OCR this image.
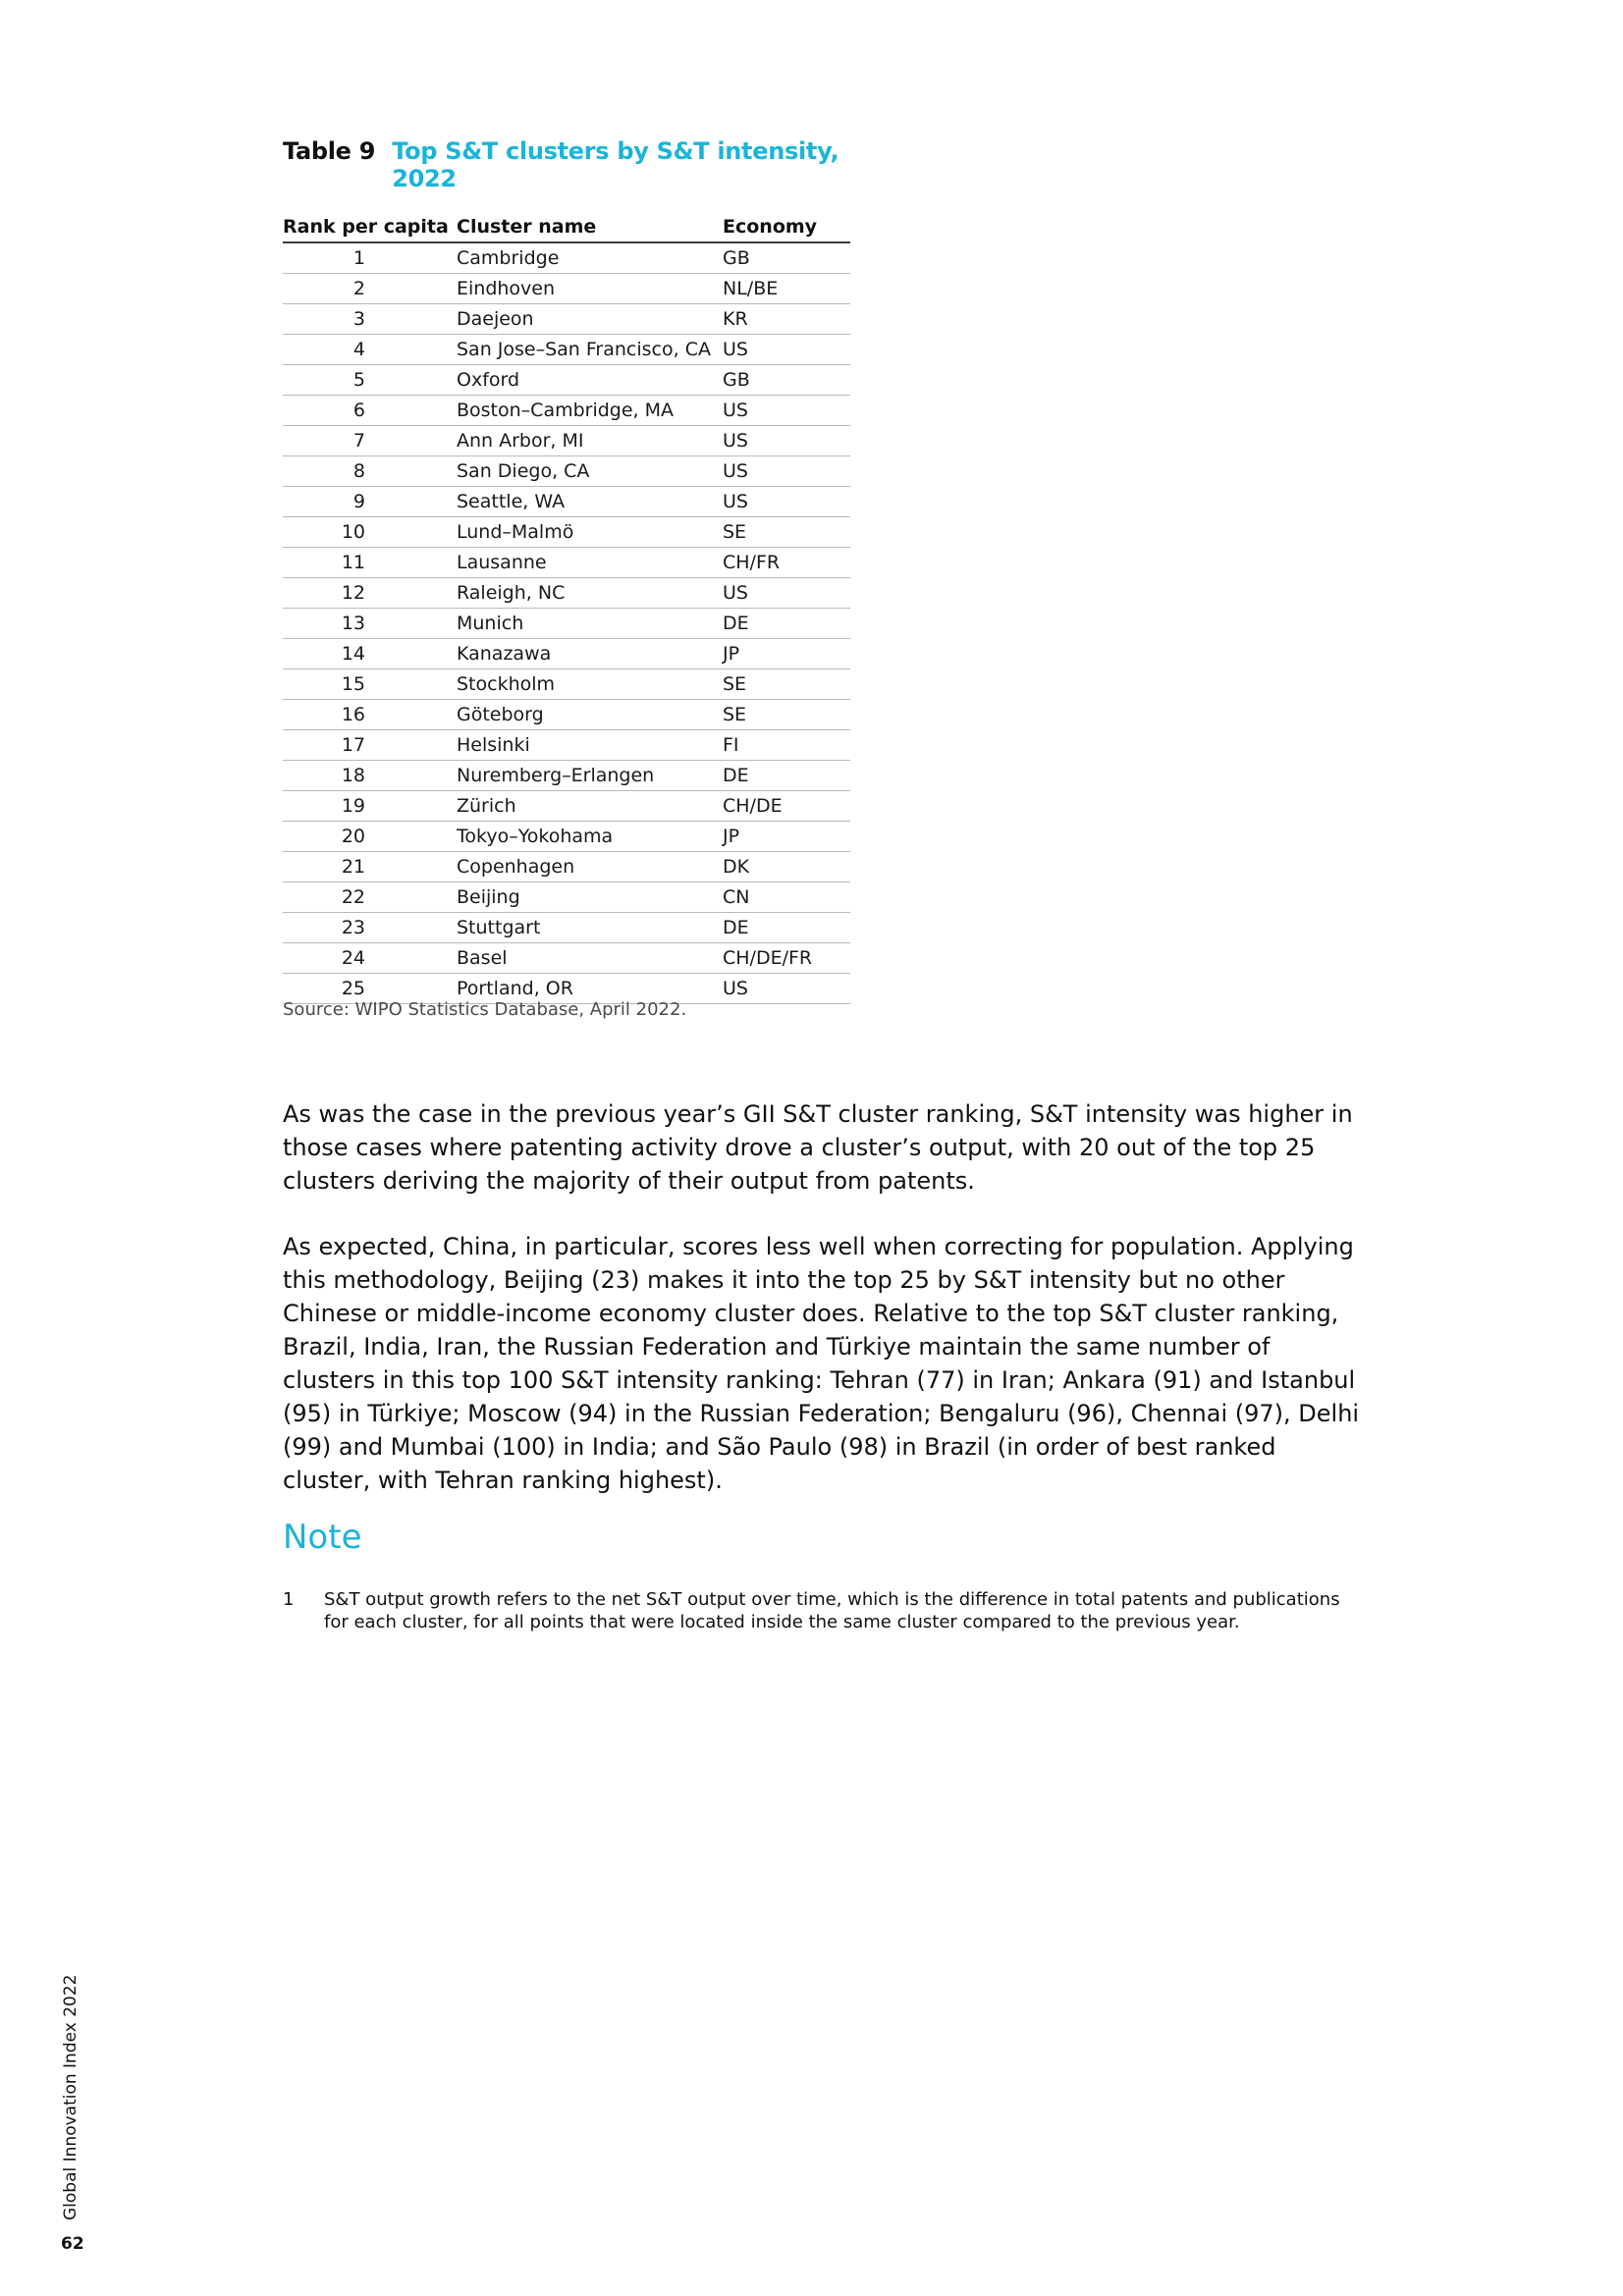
Table 9 Top S&T clusters by S&T intensity, 2022
Rank per capita	Cluster name	Economy
1	Cambridge	GB
2	Eindhoven	NL/BE
3	Daejeon	KR
4	San Jose–San Francisco, CA	US
5	Oxford	GB
6	Boston–Cambridge, MA	US
7	Ann Arbor, MI	US
8	San Diego, CA	US
9	Seattle, WA	US
10	Lund–Malmö	SE
11	Lausanne	CH/FR
12	Raleigh, NC	US
13	Munich	DE
14	Kanazawa	JP
15	Stockholm	SE
16	Göteborg	SE
17	Helsinki	FI
18	Nuremberg–Erlangen	DE
19	Zürich	CH/DE
20	Tokyo–Yokohama	JP
21	Copenhagen	DK
22	Beijing	CN
23	Stuttgart	DE
24	Basel	CH/DE/FR
25	Portland, OR	US
Source: WIPO Statistics Database, April 2022.

As was the case in the previous year’s GII S&T cluster ranking, S&T intensity was higher in those cases where patenting activity drove a cluster’s output, with 20 out of the top 25 clusters deriving the majority of their output from patents.

As expected, China, in particular, scores less well when correcting for population. Applying this methodology, Beijing (23) makes it into the top 25 by S&T intensity but no other Chinese or middle-income economy cluster does. Relative to the top S&T cluster ranking, Brazil, India, Iran, the Russian Federation and Türkiye maintain the same number of clusters in this top 100 S&T intensity ranking: Tehran (77) in Iran; Ankara (91) and Istanbul (95) in Türkiye; Moscow (94) in the Russian Federation; Bengaluru (96), Chennai (97), Delhi (99) and Mumbai (100) in India; and São Paulo (98) in Brazil (in order of best ranked cluster, with Tehran ranking highest).

Note
1	S&T output growth refers to the net S&T output over time, which is the difference in total patents and publications for each cluster, for all points that were located inside the same cluster compared to the previous year.
Global Innovation Index 2022
62
